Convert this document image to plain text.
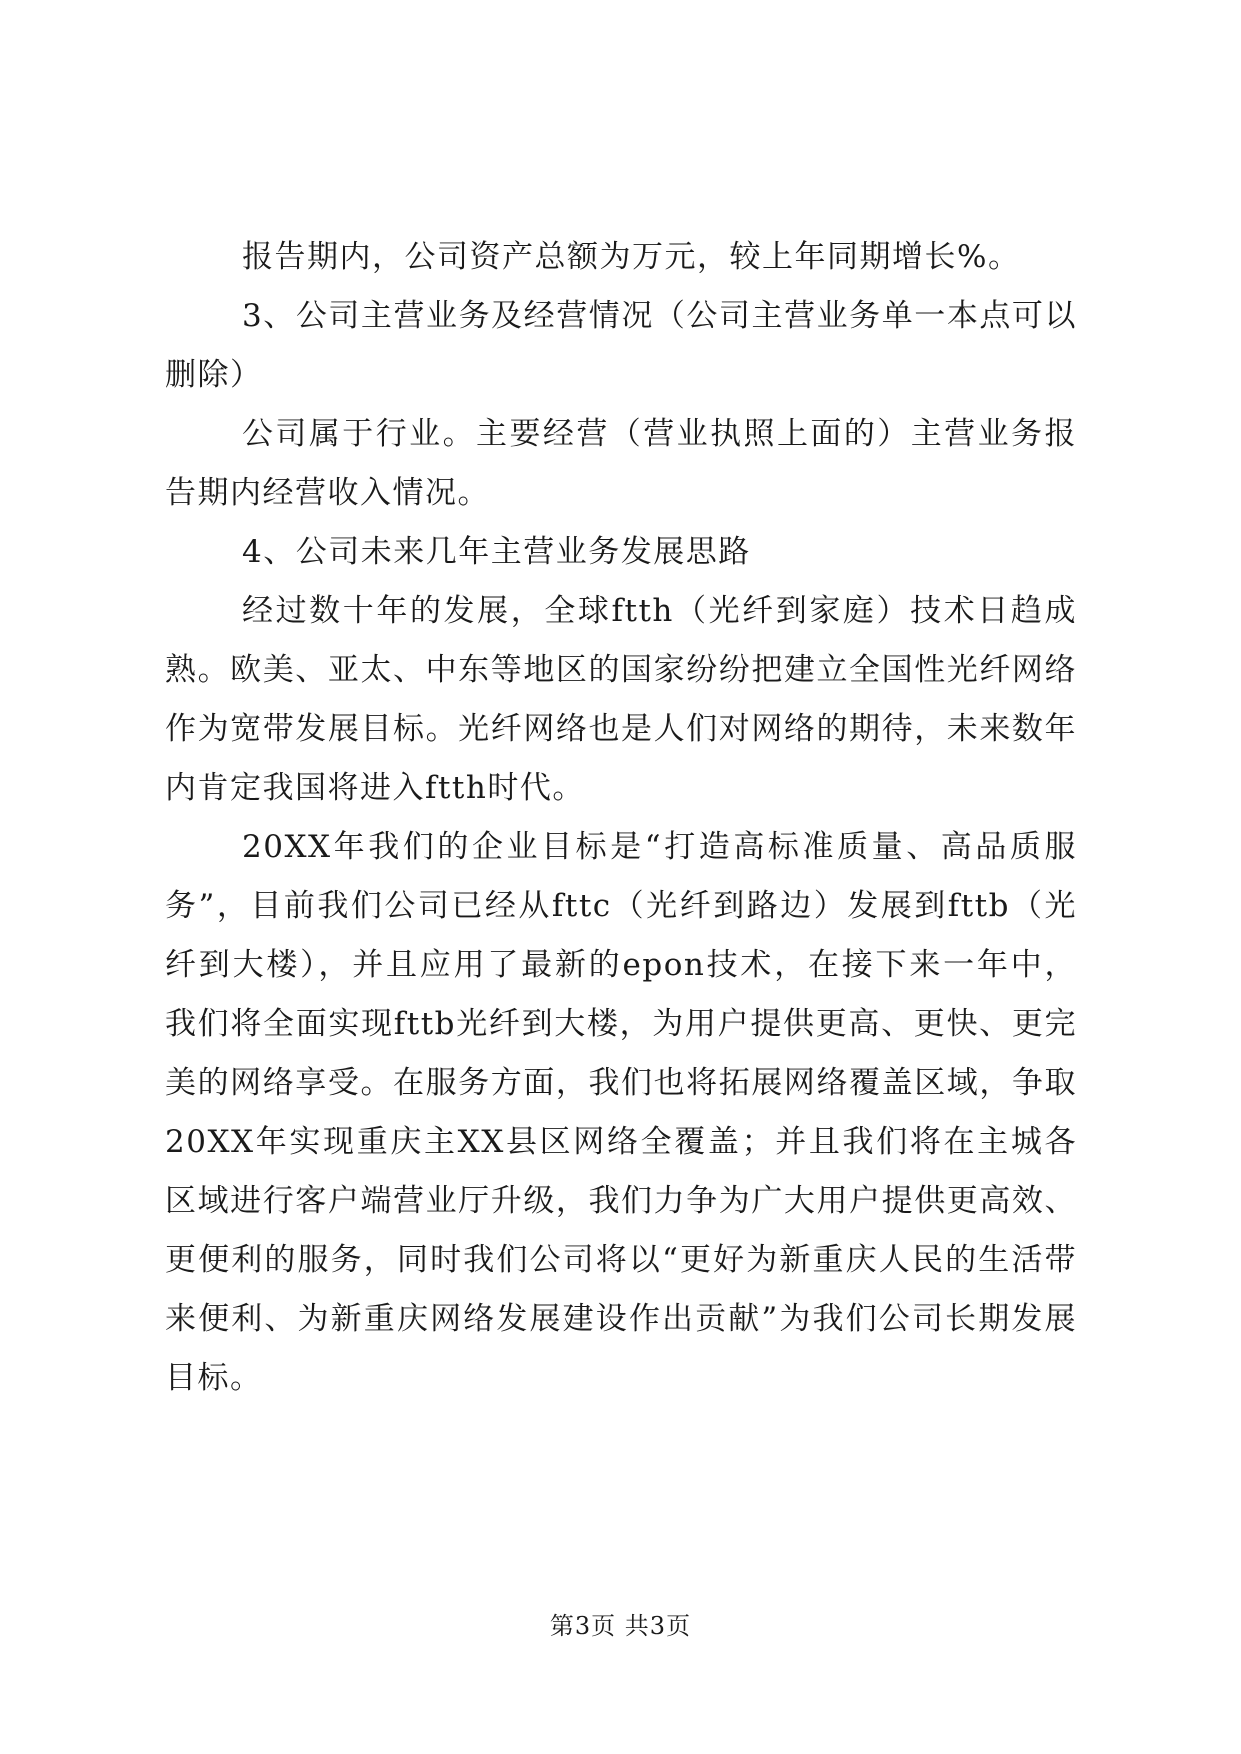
报告期内，公司资产总额为万元，较上年同期增长%。

3、公司主营业务及经营情况（公司主营业务单一本点可以删除）

公司属于行业。主要经营（营业执照上面的）主营业务报告期内经营收入情况。

4、公司未来几年主营业务发展思路

经过数十年的发展，全球ftth（光纤到家庭）技术日趋成熟。欧美、亚太、中东等地区的国家纷纷把建立全国性光纤网络作为宽带发展目标。光纤网络也是人们对网络的期待，未来数年内肯定我国将进入ftth时代。

20XX年我们的企业目标是“打造高标准质量、高品质服务”，目前我们公司已经从fttc（光纤到路边）发展到fttb（光纤到大楼），并且应用了最新的epon技术，在接下来一年中，我们将全面实现fttb光纤到大楼，为用户提供更高、更快、更完美的网络享受。在服务方面，我们也将拓展网络覆盖区域，争取20XX年实现重庆主XX县区网络全覆盖；并且我们将在主城各区域进行客户端营业厅升级，我们力争为广大用户提供更高效、更便利的服务，同时我们公司将以“更好为新重庆人民的生活带来便利、为新重庆网络发展建设作出贡献”为我们公司长期发展目标。

第3页 共3页
